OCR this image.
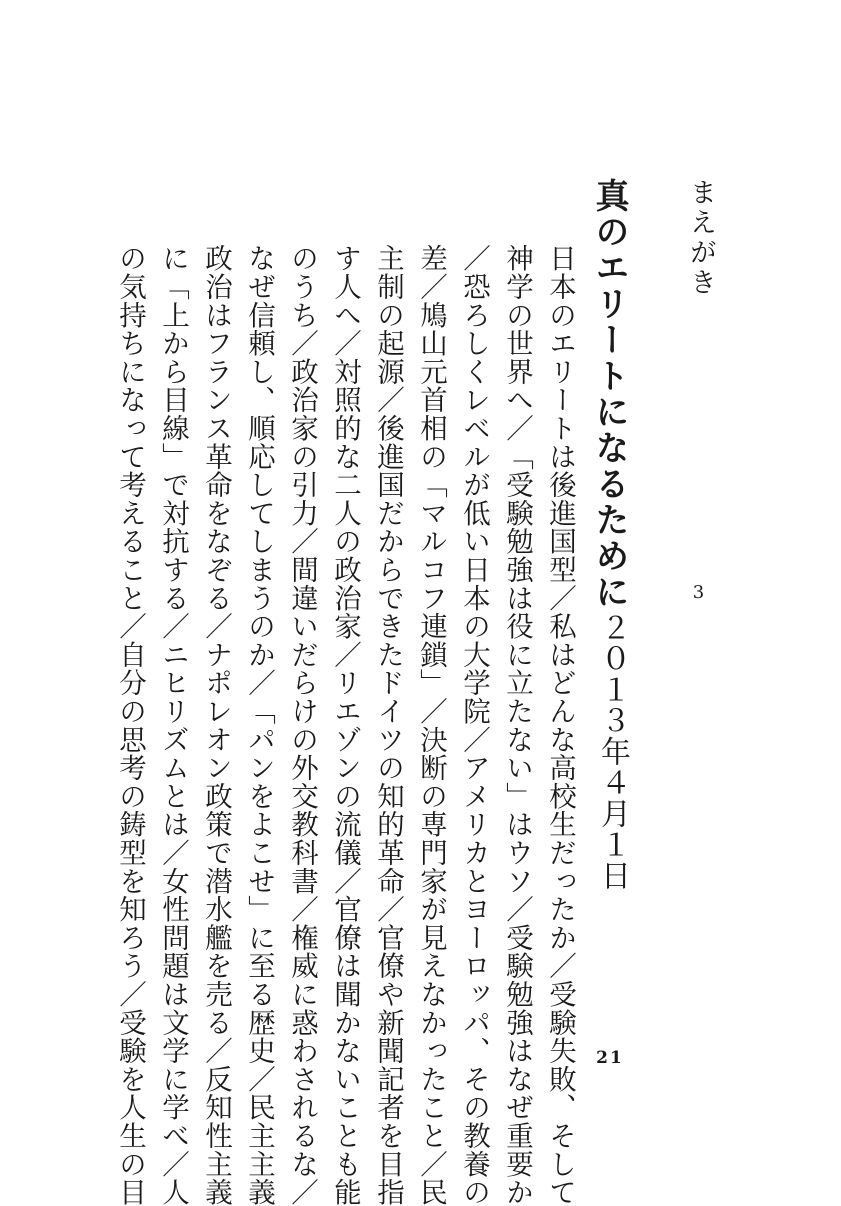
まえがき
3
真のエリートになるために
21
２０１３年４月１日
日本のエリートは後進国型／私はどんな高校生だったか／受験失敗、そして
神学の世界へ／「受験勉強は役に立たない」はウソ／受験勉強はなぜ重要か
／恐ろしくレベルが低い日本の大学院／アメリカとヨーロッパ、その教養の
差／鳩山元首相の「マルコフ連鎖」／決断の専門家が見えなかったこと／民
主制の起源／後進国だからできたドイツの知的革命／官僚や新聞記者を目指
す人へ／対照的な二人の政治家／リエゾンの流儀／官僚は聞かないことも能
のうち／政治家の引力／間違いだらけの外交教科書／権威に惑わされるな／
なぜ信頼し、順応してしまうのか／「パンをよこせ」に至る歴史／民主主義
政治はフランス革命をなぞる／ナポレオン政策で潜水艦を売る／反知性主義
に「上から目線」で対抗する／ニヒリズムとは／女性問題は文学に学べ／人
の気持ちになって考えること／自分の思考の鋳型を知ろう／受験を人生の目
